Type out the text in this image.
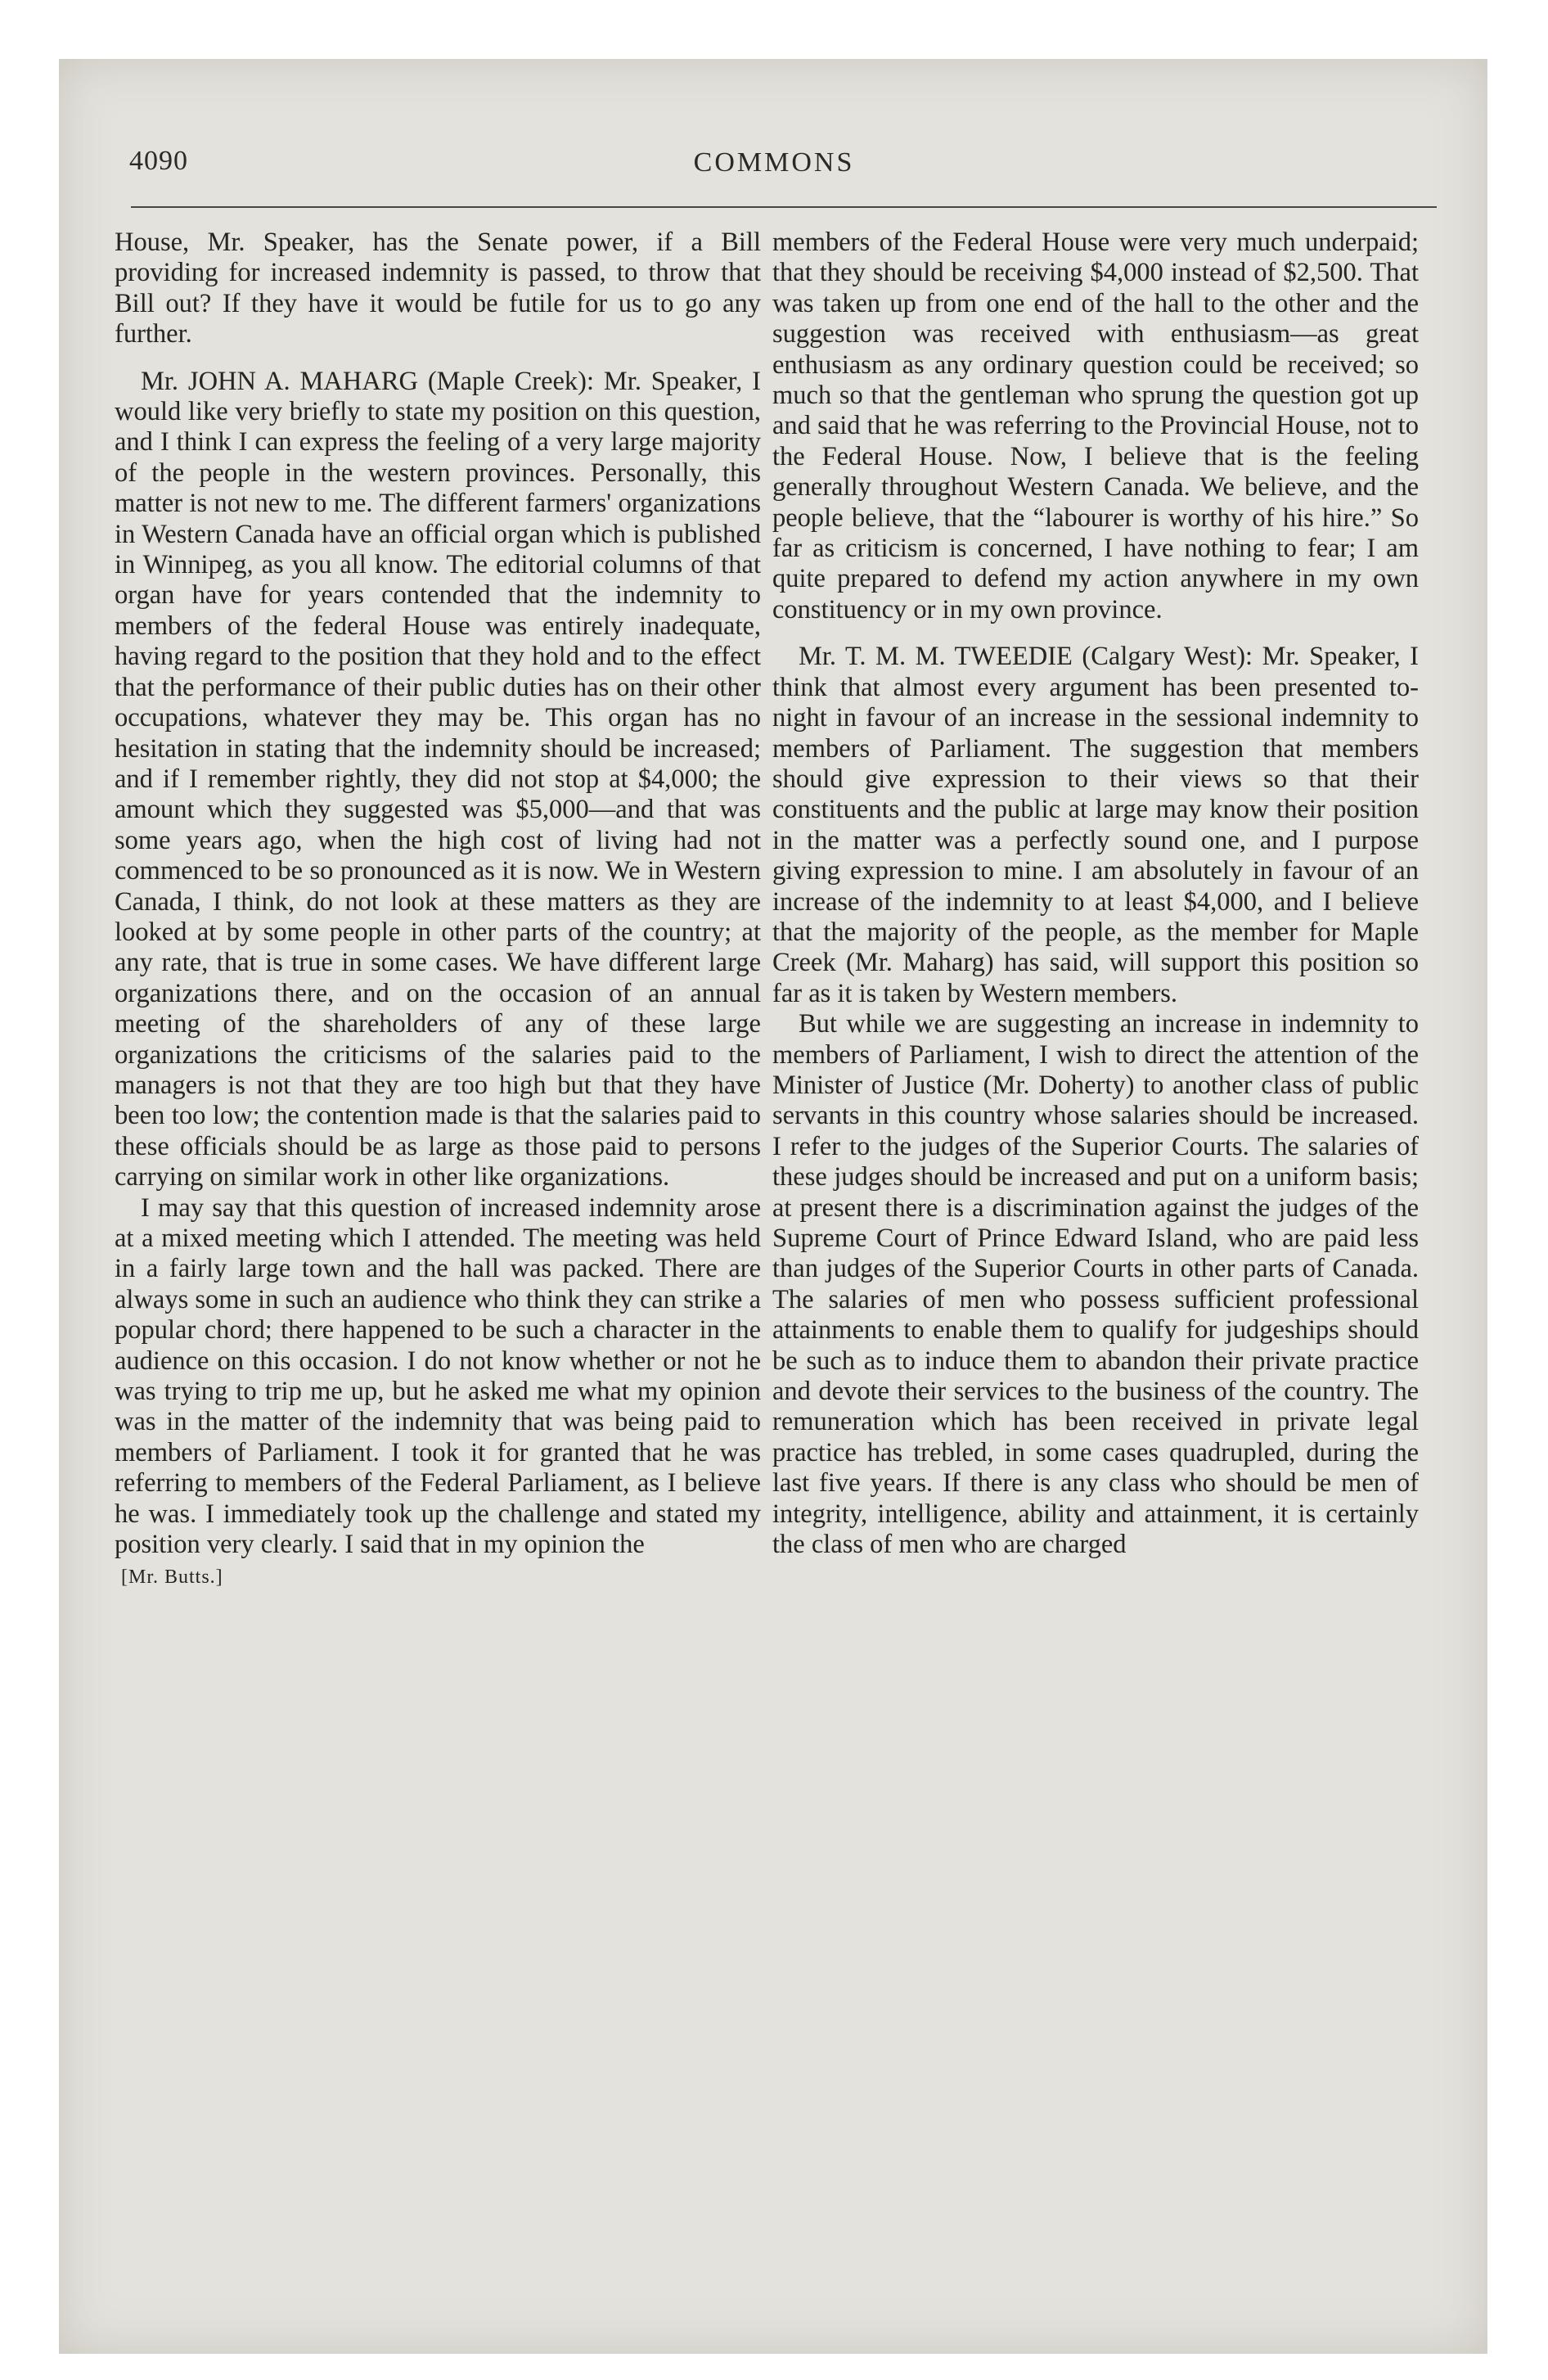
4090	COMMONS

House, Mr. Speaker, has the Senate power, if a Bill providing for increased indemnity is passed, to throw that Bill out? If they have it would be futile for us to go any further.

Mr. JOHN A. MAHARG (Maple Creek): Mr. Speaker, I would like very briefly to state my position on this question, and I think I can express the feeling of a very large majority of the people in the western provinces. Personally, this matter is not new to me. The different farmers' organizations in Western Canada have an official organ which is published in Winnipeg, as you all know. The editorial columns of that organ have for years contended that the indemnity to members of the federal House was entirely inadequate, having regard to the position that they hold and to the effect that the performance of their public duties has on their other occupations, whatever they may be. This organ has no hesitation in stating that the indemnity should be increased; and if I remember rightly, they did not stop at $4,000; the amount which they suggested was $5,000—and that was some years ago, when the high cost of living had not commenced to be so pronounced as it is now. We in Western Canada, I think, do not look at these matters as they are looked at by some people in other parts of the country; at any rate, that is true in some cases. We have different large organizations there, and on the occasion of an annual meeting of the shareholders of any of these large organizations the criticisms of the salaries paid to the managers is not that they are too high but that they have been too low; the contention made is that the salaries paid to these officials should be as large as those paid to persons carrying on similar work in other like organizations.

I may say that this question of increased indemnity arose at a mixed meeting which I attended. The meeting was held in a fairly large town and the hall was packed. There are always some in such an audience who think they can strike a popular chord; there happened to be such a character in the audience on this occasion. I do not know whether or not he was trying to trip me up, but he asked me what my opinion was in the matter of the indemnity that was being paid to members of Parliament. I took it for granted that he was referring to members of the Federal Parliament, as I believe he was. I immediately took up the challenge and stated my position very clearly. I said that in my opinion the

[Mr. Butts.]

members of the Federal House were very much underpaid; that they should be receiving $4,000 instead of $2,500. That was taken up from one end of the hall to the other and the suggestion was received with enthusiasm—as great enthusiasm as any ordinary question could be received; so much so that the gentleman who sprung the question got up and said that he was referring to the Provincial House, not to the Federal House. Now, I believe that is the feeling generally throughout Western Canada. We believe, and the people believe, that the “labourer is worthy of his hire.” So far as criticism is concerned, I have nothing to fear; I am quite prepared to defend my action anywhere in my own constituency or in my own province.

Mr. T. M. M. TWEEDIE (Calgary West): Mr. Speaker, I think that almost every argument has been presented to-night in favour of an increase in the sessional indemnity to members of Parliament. The suggestion that members should give expression to their views so that their constituents and the public at large may know their position in the matter was a perfectly sound one, and I purpose giving expression to mine. I am absolutely in favour of an increase of the indemnity to at least $4,000, and I believe that the majority of the people, as the member for Maple Creek (Mr. Maharg) has said, will support this position so far as it is taken by Western members.

But while we are suggesting an increase in indemnity to members of Parliament, I wish to direct the attention of the Minister of Justice (Mr. Doherty) to another class of public servants in this country whose salaries should be increased. I refer to the judges of the Superior Courts. The salaries of these judges should be increased and put on a uniform basis; at present there is a discrimination against the judges of the Supreme Court of Prince Edward Island, who are paid less than judges of the Superior Courts in other parts of Canada. The salaries of men who possess sufficient professional attainments to enable them to qualify for judgeships should be such as to induce them to abandon their private practice and devote their services to the business of the country. The remuneration which has been received in private legal practice has trebled, in some cases quadrupled, during the last five years. If there is any class who should be men of integrity, intelligence, ability and attainment, it is certainly the class of men who are charged
